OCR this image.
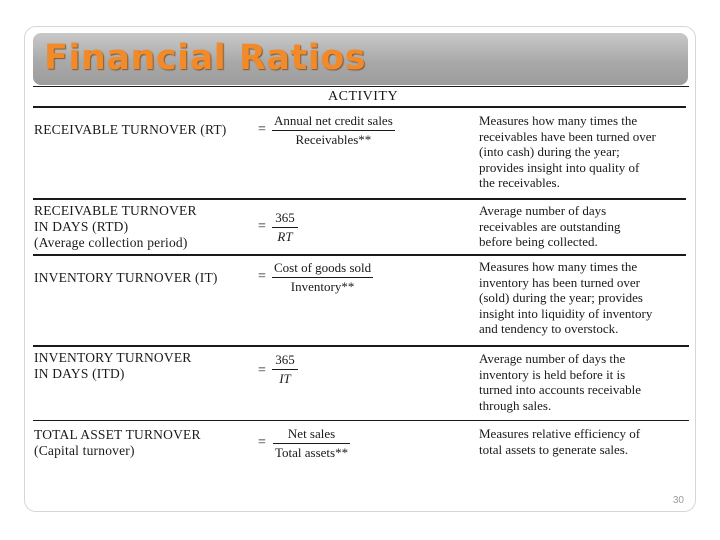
Financial Ratios
ACTIVITY
RECEIVABLE TURNOVER (RT) =
Annual net credit sales
Receivables**
Measures how many times the
receivables have been turned over
(into cash) during the year;
provides insight into quality of
the receivables.
RECEIVABLE TURNOVER
IN DAYS (RTD)
(Average collection period)
=
365
RT
Average number of days
receivables are outstanding
before being collected.
INVENTORY TURNOVER (IT)	=
Cost of goods sold
Inventory**
Measures how many times the
inventory has been turned over
(sold) during the year; provides
insight into liquidity of inventory
and tendency to overstock.
INVENTORY TURNOVER
IN DAYS (ITD)	=
365
IT
Average number of days the
inventory is held before it is
turned into accounts receivable
through sales.
TOTAL ASSET TURNOVER
(Capital turnover)
=
Net sales
Total assets**
Measures relative efficiency of
total assets to generate sales.
30
